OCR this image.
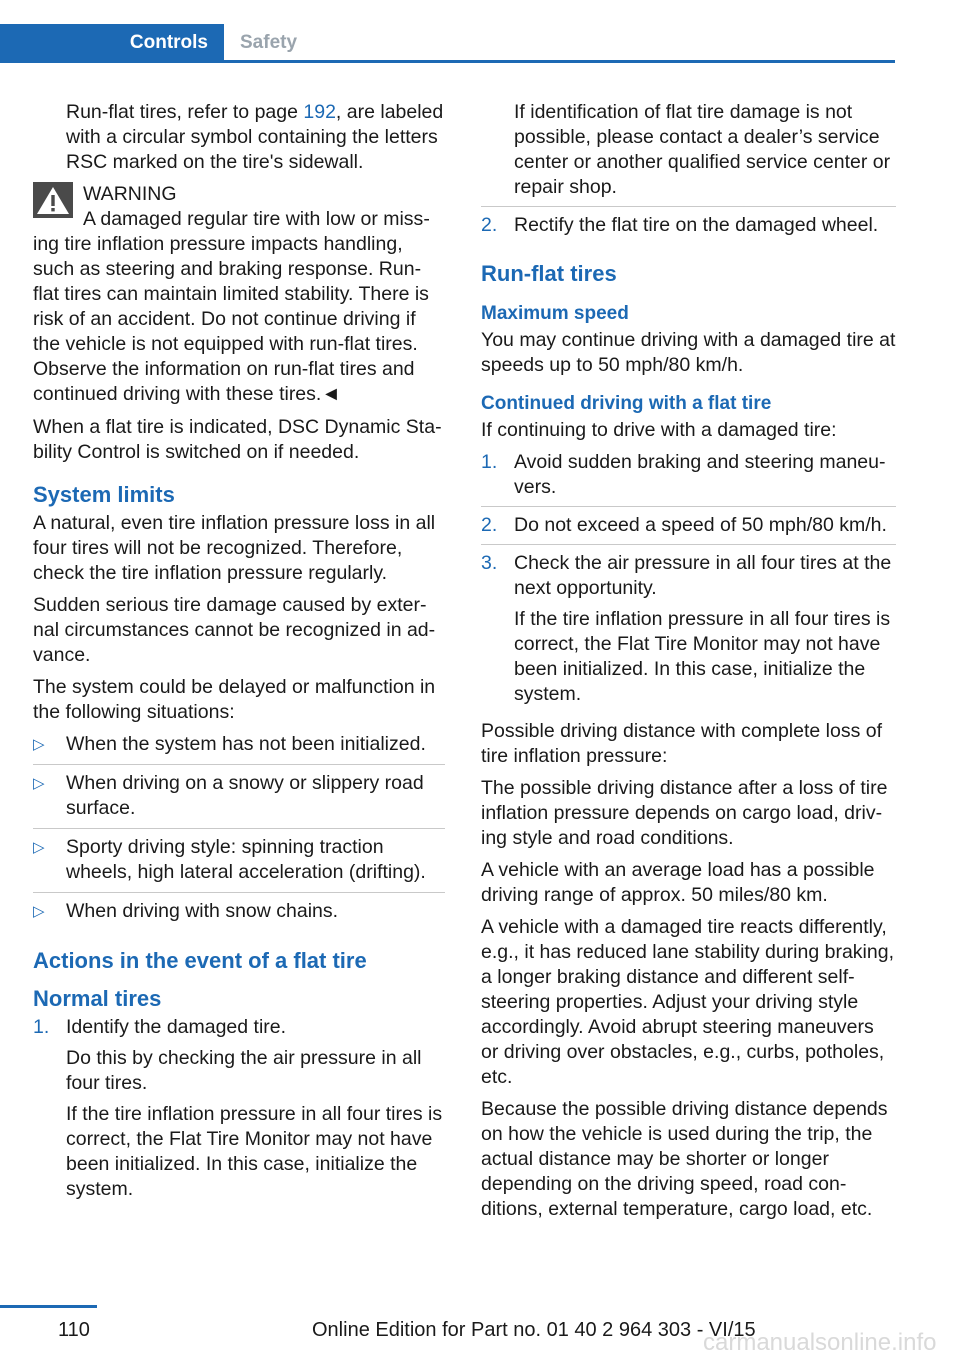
Controls	Safety

Run-flat tires, refer to page 192, are labeled with a circular symbol containing the letters RSC marked on the tire's sidewall.

WARNING
A damaged regular tire with low or missing tire inflation pressure impacts handling, such as steering and braking response. Run-flat tires can maintain limited stability. There is risk of an accident. Do not continue driving if the vehicle is not equipped with run-flat tires. Observe the information on run-flat tires and continued driving with these tires.◄

When a flat tire is indicated, DSC Dynamic Stability Control is switched on if needed.

System limits

A natural, even tire inflation pressure loss in all four tires will not be recognized. Therefore, check the tire inflation pressure regularly.

Sudden serious tire damage caused by external circumstances cannot be recognized in advance.

The system could be delayed or malfunction in the following situations:

▷ When the system has not been initialized.
▷ When driving on a snowy or slippery road surface.
▷ Sporty driving style: spinning traction wheels, high lateral acceleration (drifting).
▷ When driving with snow chains.
Actions in the event of a flat tire
Normal tires
1. Identify the damaged tire.

Do this by checking the air pressure in all four tires.

If the tire inflation pressure in all four tires is correct, the Flat Tire Monitor may not have been initialized. In this case, initialize the system.

If identification of flat tire damage is not possible, please contact a dealer’s service center or another qualified service center or repair shop.

2. Rectify the flat tire on the damaged wheel.

Run-flat tires
Maximum speed

You may continue driving with a damaged tire at speeds up to 50 mph/80 km/h.

Continued driving with a flat tire

If continuing to drive with a damaged tire:

1. Avoid sudden braking and steering maneuvers.

2. Do not exceed a speed of 50 mph/80 km/h.

3. Check the air pressure in all four tires at the next opportunity.

If the tire inflation pressure in all four tires is correct, the Flat Tire Monitor may not have been initialized. In this case, initialize the system.

Possible driving distance with complete loss of tire inflation pressure:

The possible driving distance after a loss of tire inflation pressure depends on cargo load, driving style and road conditions.

A vehicle with an average load has a possible driving range of approx. 50 miles/80 km.

A vehicle with a damaged tire reacts differently, e.g., it has reduced lane stability during braking, a longer braking distance and different self-steering properties. Adjust your driving style accordingly. Avoid abrupt steering maneuvers or driving over obstacles, e.g., curbs, potholes, etc.

Because the possible driving distance depends on how the vehicle is used during the trip, the actual distance may be shorter or longer depending on the driving speed, road conditions, external temperature, cargo load, etc.

110	Online Edition for Part no. 01 40 2 964 303 - VI/15
carmanualsonline.info
